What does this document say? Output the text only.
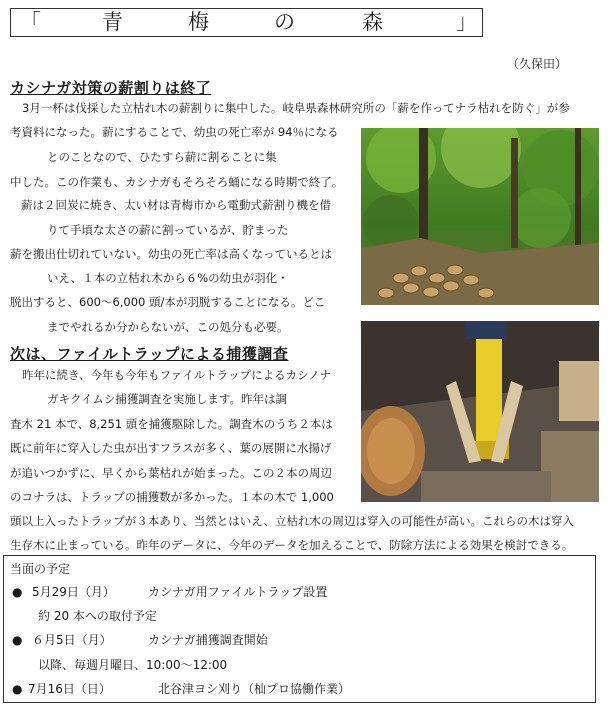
「	青	梅	の	森	」
（久保田）
カシナガ対策の薪割りは終了
3月一杯は伐採した立枯れ木の薪割りに集中した。岐阜県森林研究所の「薪を作ってナラ枯れを防ぐ」が参
考資料になった。薪にすることで、幼虫の死亡率が 94％になる
とのことなので、ひたすら薪に割ることに集
中した。この作業も、カシナガもそろそろ蛹になる時期で終了。
薪は２回炭に焼き、太い材は青梅市から電動式薪割り機を借
りて手頃な太さの薪に割っているが、貯まった
薪を搬出仕切れていない。幼虫の死亡率は高くなっているとは
いえ、１本の立枯れ木から６%の幼虫が羽化・
脱出すると、600～6,000 頭/本が羽脱することになる。どこ
までやれるか分からないが、この処分も必要。
次は、ファイルトラップによる捕獲調査
昨年に続き、今年も今年もファイルトラップによるカシノナ
ガキクイムシ捕獲調査を実施します。昨年は調
査木 21 本で、8,251 頭を捕獲駆除した。調査木のうち２本は
既に前年に穿入した虫が出すフラスが多く、葉の展開に水揚げ
が追いつかずに、早くから葉枯れが始まった。この２本の周辺
のコナラは、トラップの捕獲数が多かった。１本の木で 1,000
頭以上入ったトラップが３本あり、当然とはいえ、立枯れ木の周辺は穿入の可能性が高い。これらの木は穿入
生存木に止まっている。昨年のデータに、今年のデータを加えることで、防除方法による効果を検討できる。
当面の予定
● 5月29日（月）	カシナガ用ファイルトラップ設置
約 20 本への取付予定
● ６月5日（月）	カシナガ捕獲調査開始
以降、毎週月曜日、10:00～12:00
● 7月16日（日）	北谷津ヨシ刈り（杣プロ協働作業）
